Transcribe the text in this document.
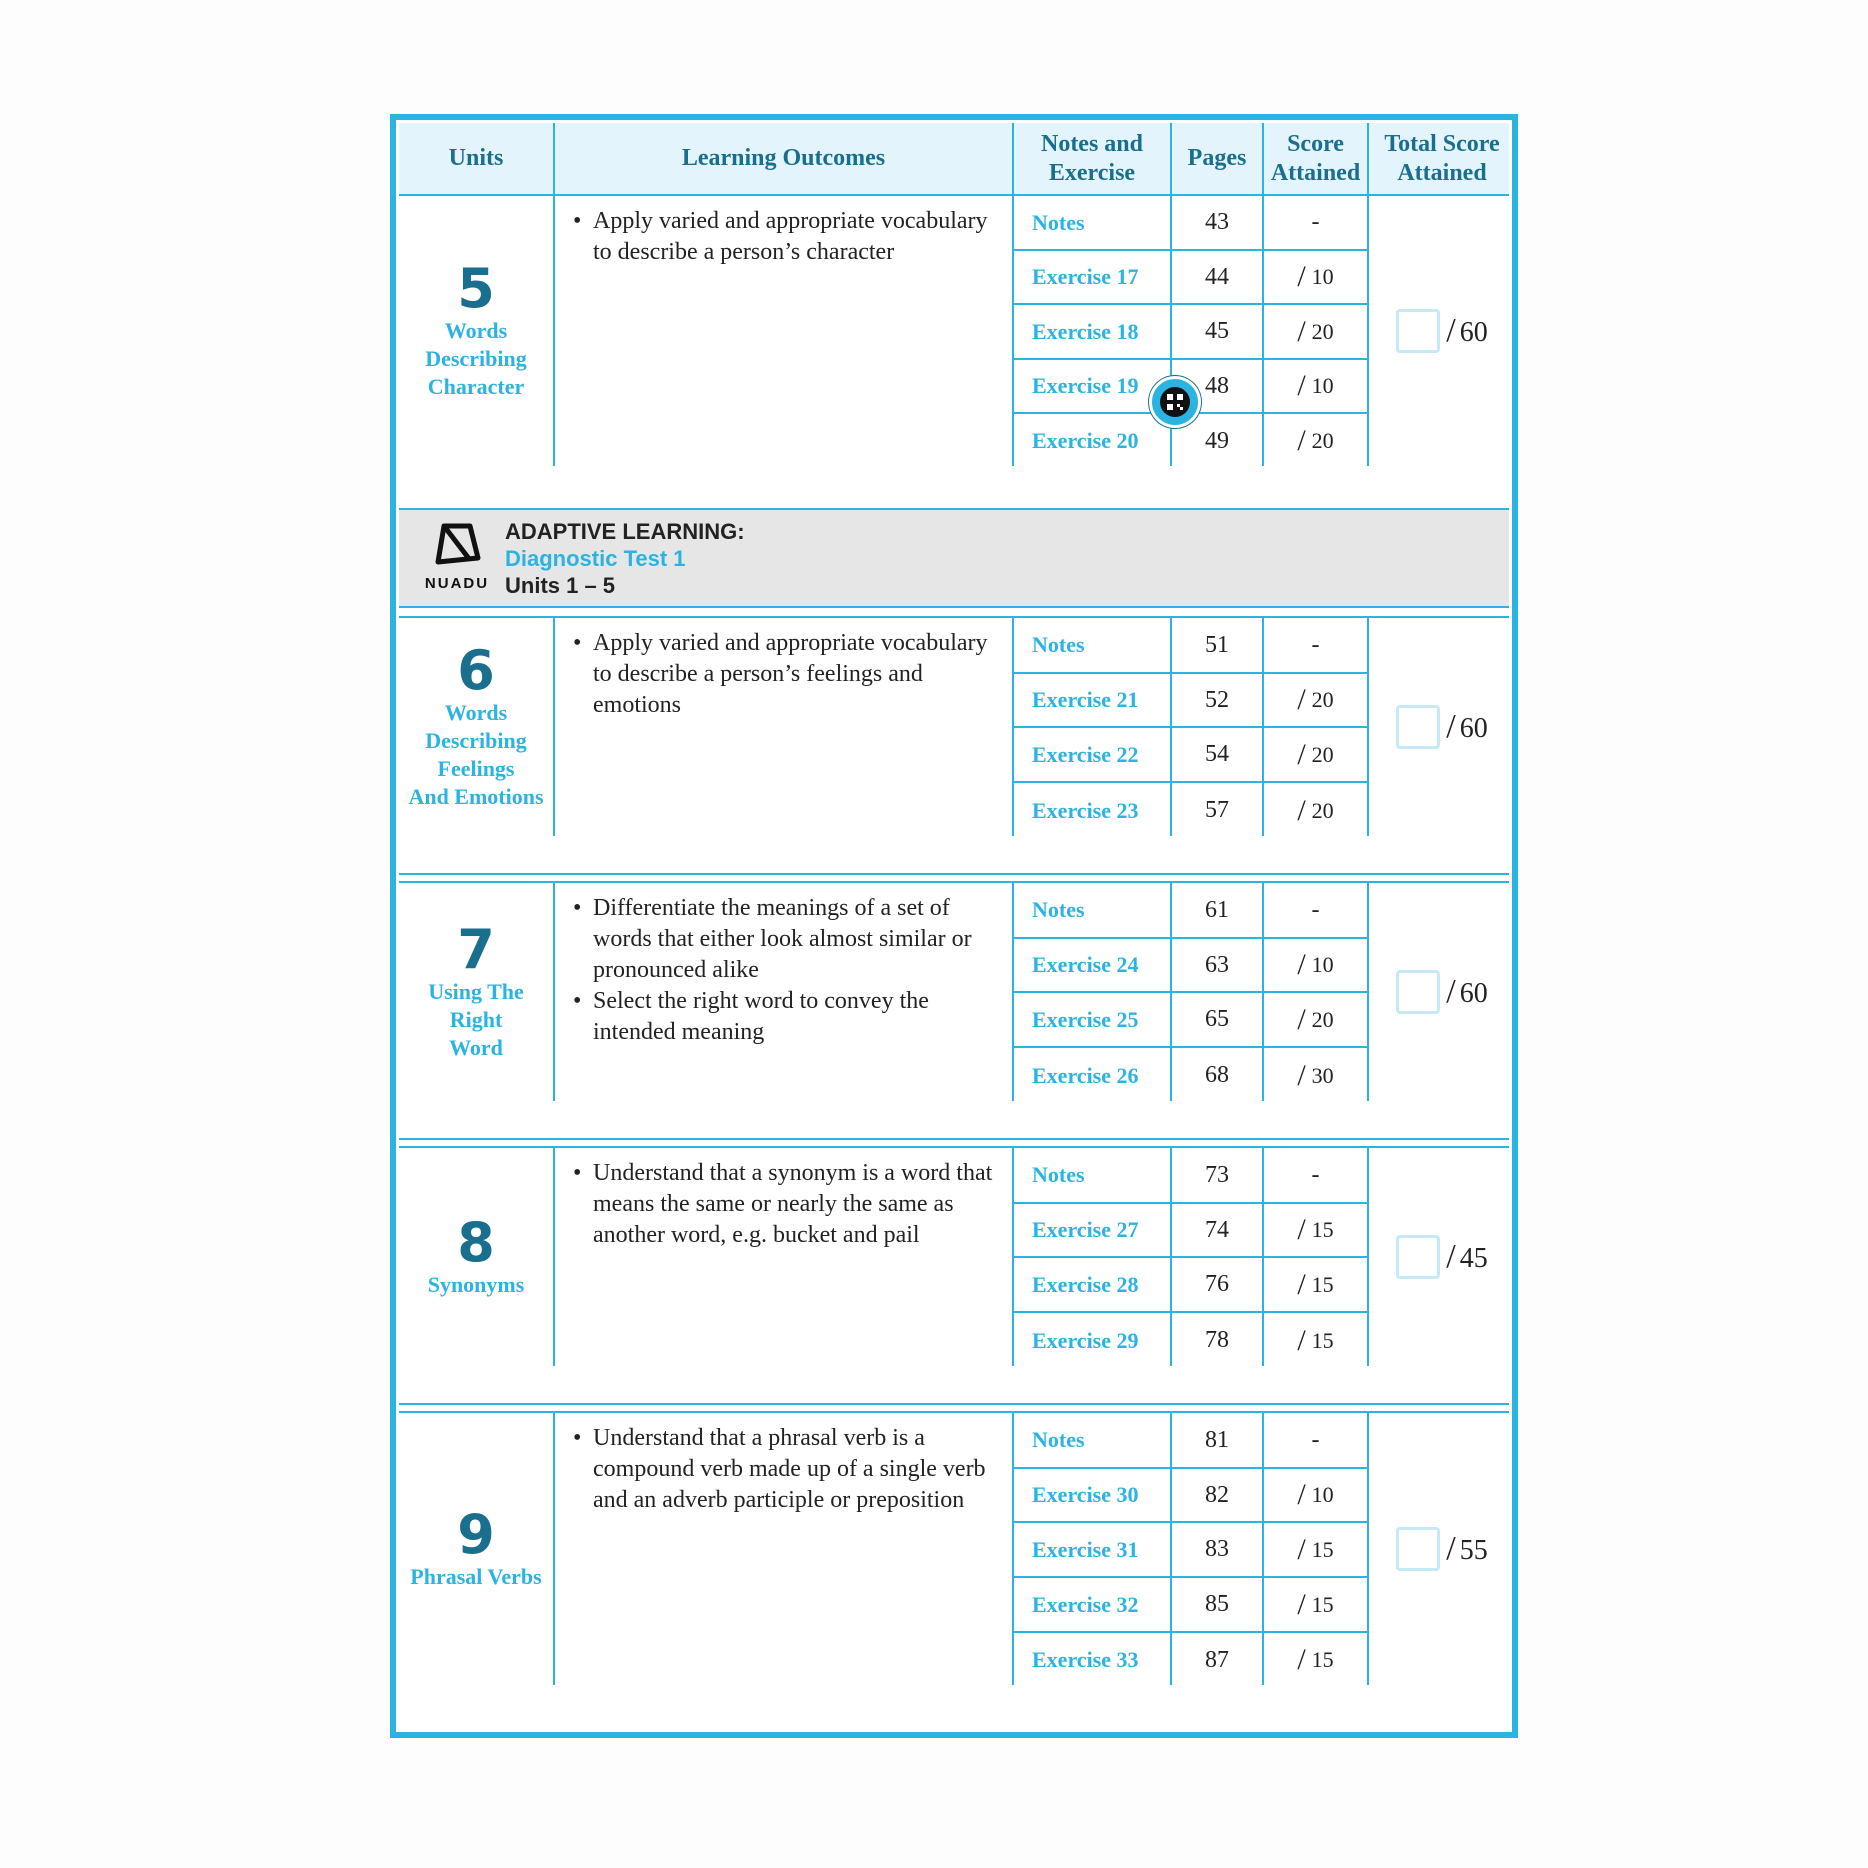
Units	Learning Outcomes
Notes and Exercise
Pages
Score Attained
Total Score Attained
5
Words
Describing
Character
• Apply varied and appropriate vocabulary to describe a person’s character
Notes
Exercise 17
Exercise 18
Exercise 19
Exercise 20
43
44
45
48
49
-
/ 10
/ 20
/ 10
/ 20
/ 60
6
Words
Describing
Feelings
And Emotions
• Apply varied and appropriate vocabulary to describe a person’s feelings and emotions
Notes
Exercise 21
Exercise 22
Exercise 23
51
52
54
57
-
/ 20
/ 20
/ 20
/ 60
7
Using The
Right
Word
• Differentiate the meanings of a set of words that either look almost similar or pronounced alike
• Select the right word to convey the intended meaning
Notes
Exercise 24
Exercise 25
Exercise 26
61
63
65
68
-
/ 10
/ 20
/ 30
/ 60
8
Synonyms
• Understand that a synonym is a word that means the same or nearly the same as another word, e.g. bucket and pail
Notes
Exercise 27
Exercise 28
Exercise 29
73
74
76
78
-
/ 15
/ 15
/ 15
/ 45
9
Phrasal Verbs
• Understand that a phrasal verb is a compound verb made up of a single verb and an adverb participle or preposition
Notes
Exercise 30
Exercise 31
Exercise 32
Exercise 33
81
82
83
85
87
-
/ 10
/ 15
/ 15
/ 15
/ 55
NUADU
ADAPTIVE LEARNING:
Diagnostic Test 1
Units 1 – 5
